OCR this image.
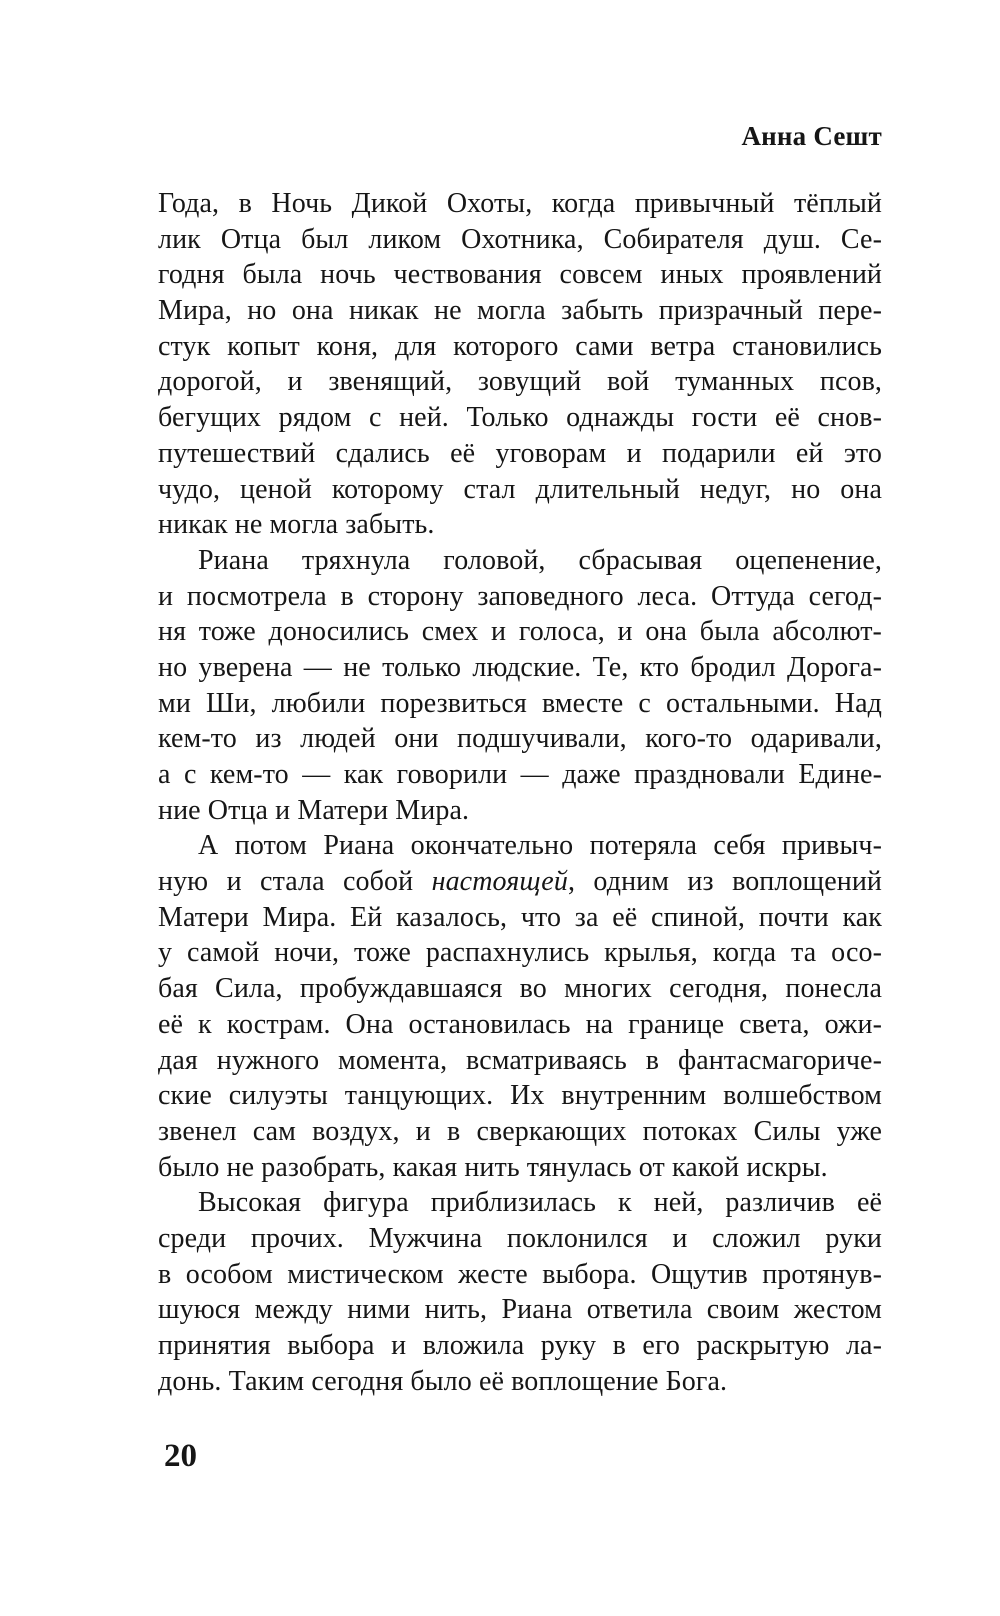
Анна Сешт
Года, в Ночь Дикой Охоты, когда привычный тёплый
лик Отца был ликом Охотника, Собирателя душ. Се-
годня была ночь чествования совсем иных проявлений
Мира, но она никак не могла забыть призрачный пере-
стук копыт коня, для которого сами ветра становились
дорогой, и звенящий, зовущий вой туманных псов,
бегущих рядом с ней. Только однажды гости её снов-
путешествий сдались её уговорам и подарили ей это
чудо, ценой которому стал длительный недуг, но она
никак не могла забыть.
Риана тряхнула головой, сбрасывая оцепенение,
и посмотрела в сторону заповедного леса. Оттуда сегод-
ня тоже доносились смех и голоса, и она была абсолют-
но уверена — не только людские. Те, кто бродил Дорога-
ми Ши, любили порезвиться вместе с остальными. Над
кем-то из людей они подшучивали, кого-то одаривали,
а с кем-то — как говорили — даже праздновали Едине-
ние Отца и Матери Мира.
А потом Риана окончательно потеряла себя привыч-
ную и стала собой настоящей, одним из воплощений
Матери Мира. Ей казалось, что за её спиной, почти как
у самой ночи, тоже распахнулись крылья, когда та осо-
бая Сила, пробуждавшаяся во многих сегодня, понесла
её к кострам. Она остановилась на границе света, ожи-
дая нужного момента, всматриваясь в фантасмагориче-
ские силуэты танцующих. Их внутренним волшебством
звенел сам воздух, и в сверкающих потоках Силы уже
было не разобрать, какая нить тянулась от какой искры.
Высокая фигура приблизилась к ней, различив её
среди прочих. Мужчина поклонился и сложил руки
в особом мистическом жесте выбора. Ощутив протянув-
шуюся между ними нить, Риана ответила своим жестом
принятия выбора и вложила руку в его раскрытую ла-
донь. Таким сегодня было её воплощение Бога.
20
